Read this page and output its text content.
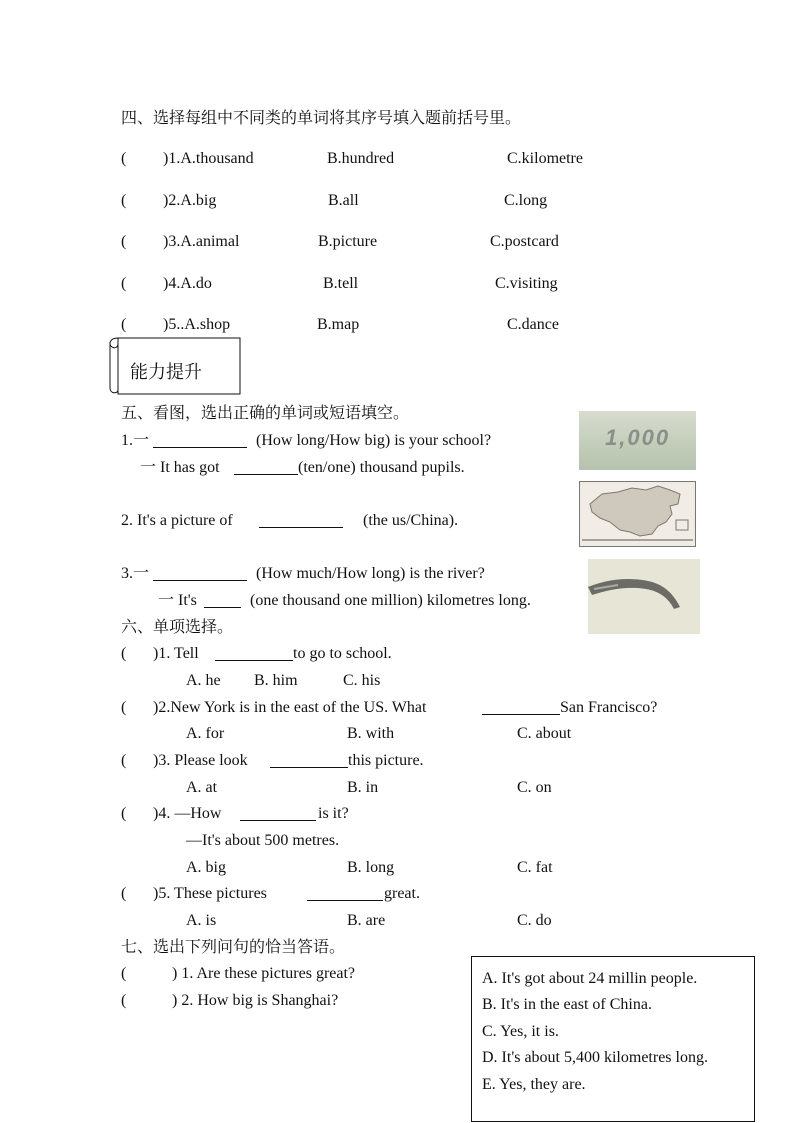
四、选择每组中不同类的单词将其序号填入题前括号里。
( )1.A.thousand	B.hundred	C.kilometre
( )2.A.big	B.all	C.long
( )3.A.animal	B.picture	C.postcard
( )4.A.do	B.tell	C.visiting
( )5..A.shop	B.map	C.dance
能力提升
五、看图，选出正确的单词或短语填空。
1.一	(How long/How big) is your school?
一 It has got	(ten/one) thousand pupils.
1,000
2. It's a picture of	(the us/China).
3.一	(How much/How long) is the river?
一 It's	(one thousand one million) kilometres long.
六、单项选择。
( )1. Tell	to go to school.
A. he B. him	C. his
( )2.New York is in the east of the US. What	San Francisco?
A. for	B. with	C. about
( )3. Please look	this picture.
A. at	B. in	C. on
( )4. —How	is it?
—It's about 500 metres.
A. big	B. long	C. fat
( )5. These pictures	great.
A. is	B. are	C. do
七、选出下列问句的恰当答语。
(	) 1. Are these pictures great?
(	) 2. How big is Shanghai?
A. It's got about 24 millin people.
B. It's in the east of China.
C. Yes, it is.
D. It's about 5,400 kilometres long.
E. Yes, they are.
